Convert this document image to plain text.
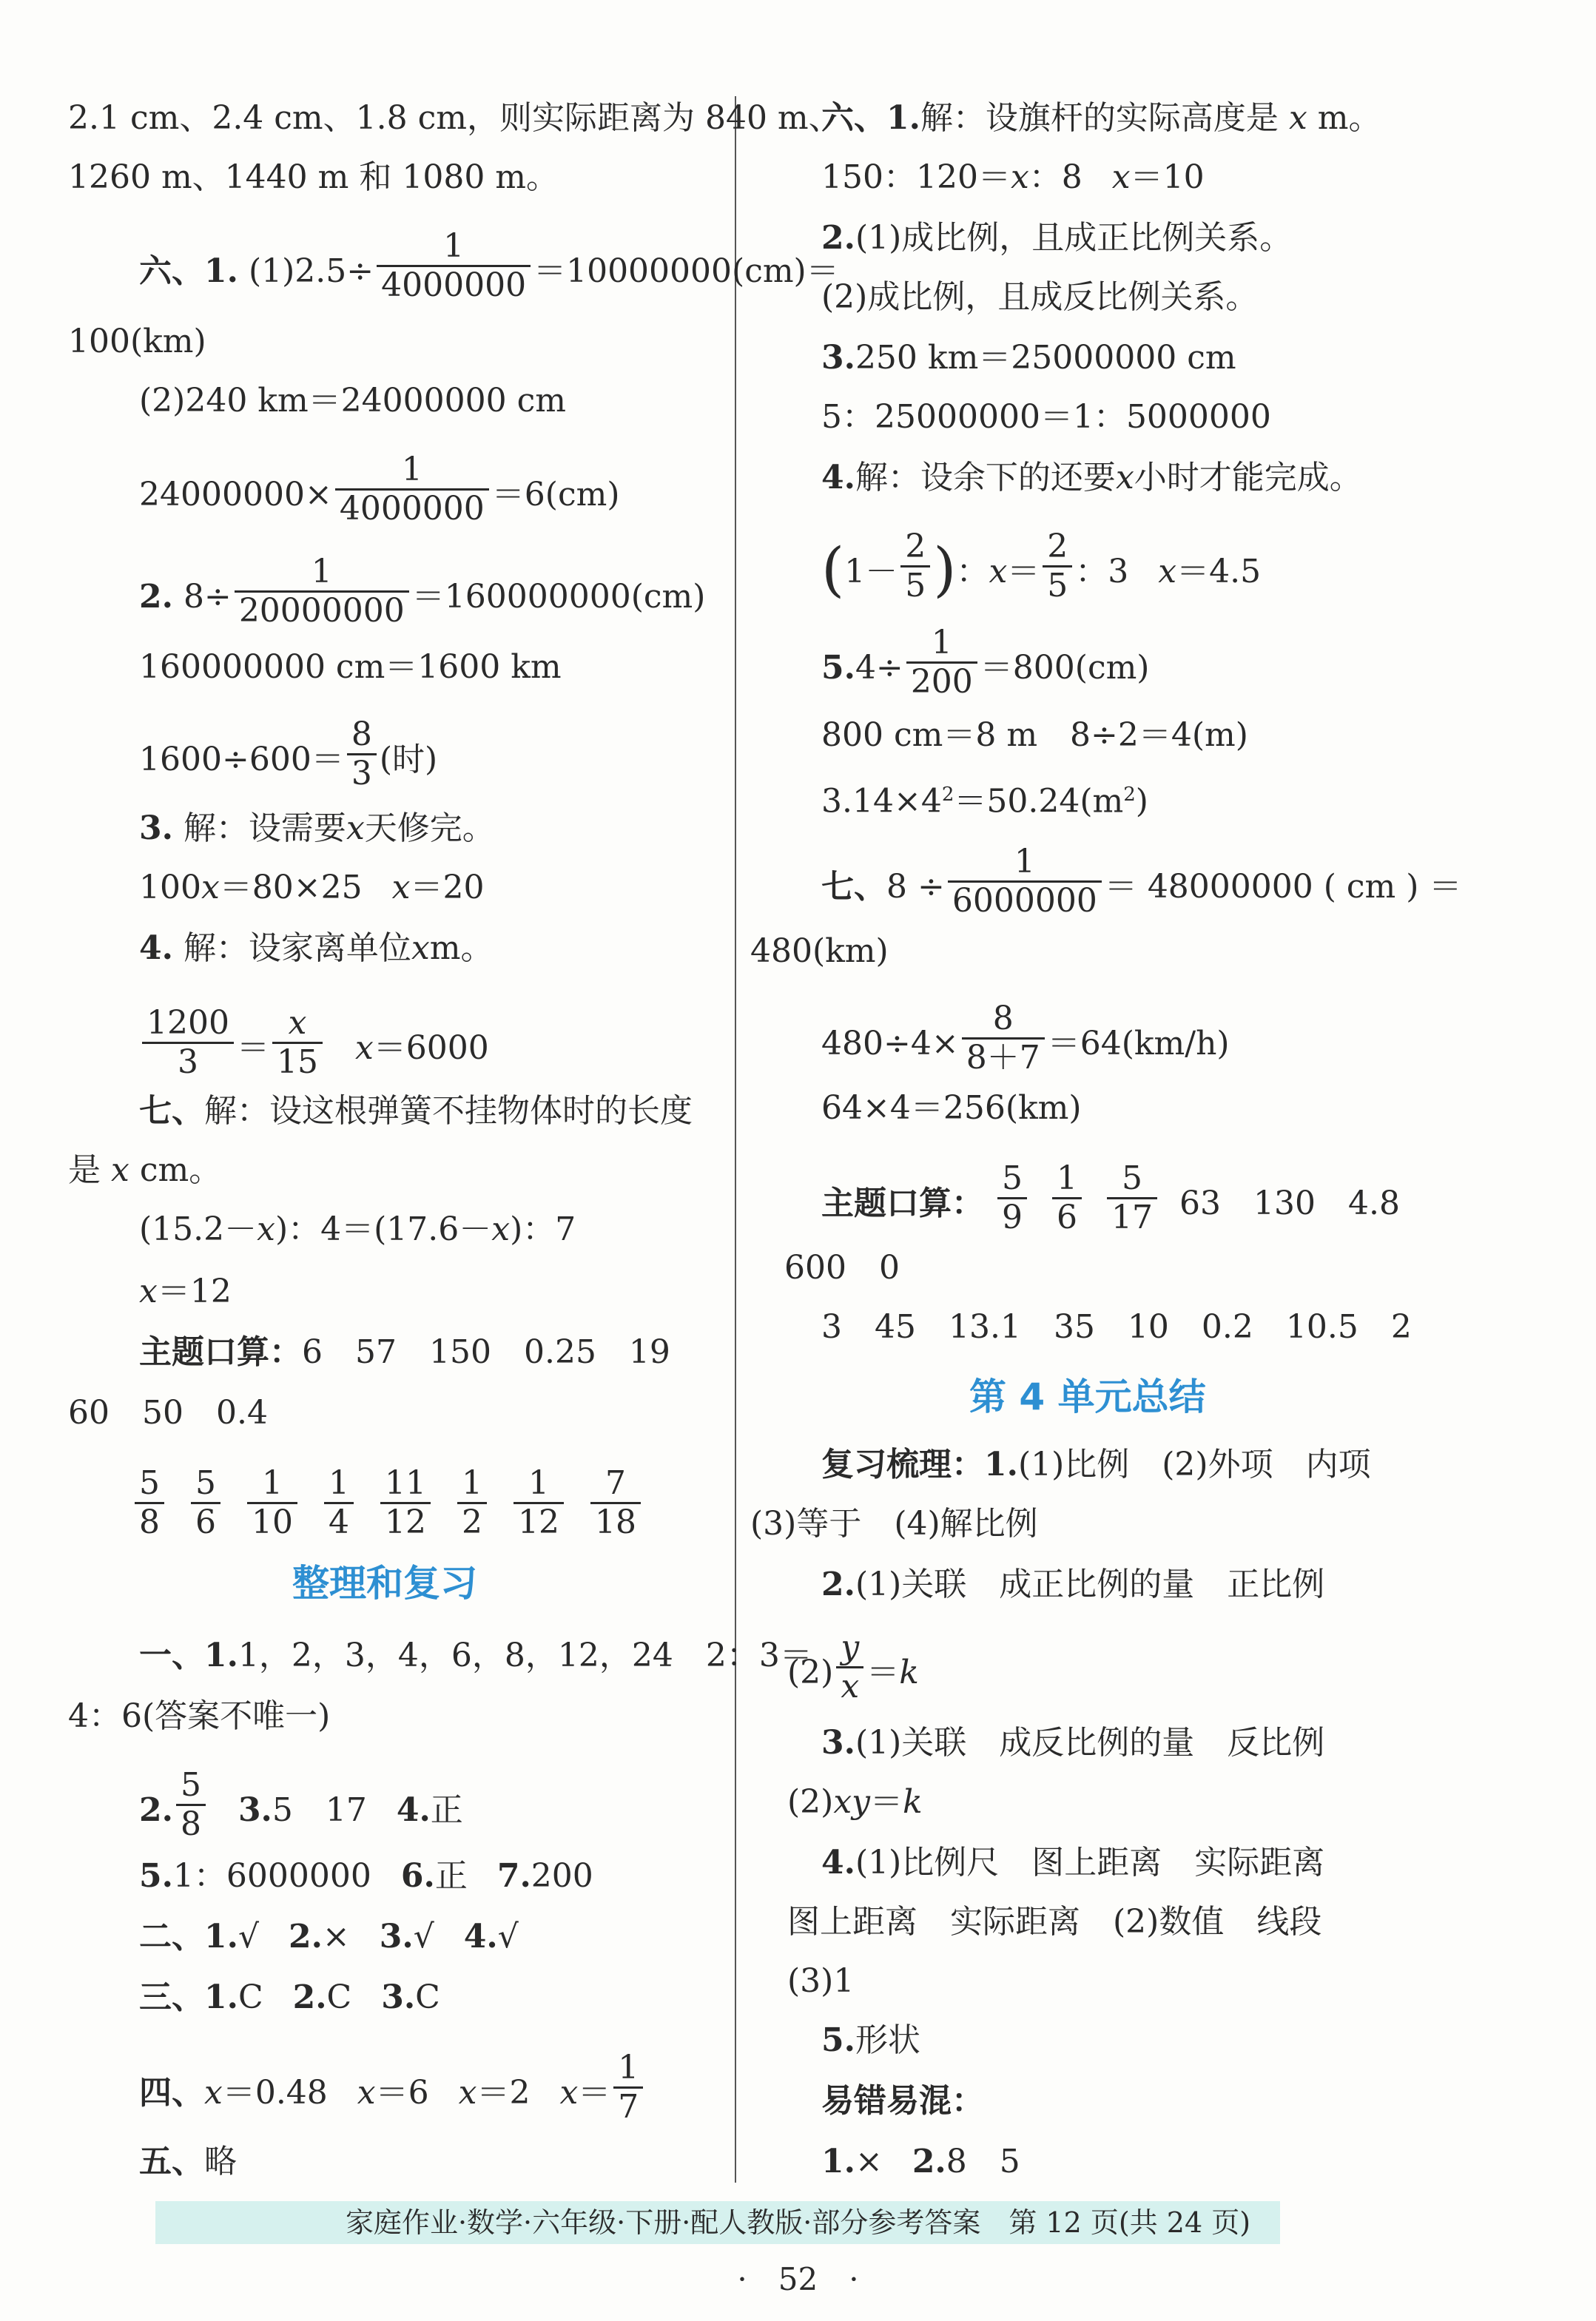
2.1 cm、2.4 cm、1.8 cm，则实际距离为 840 m、
1260 m、1440 m 和 1080 m。
六、1. $(1)2.5\div \frac{1}{4000000} =10000000(cm)=$
100(km)
(2)240 km＝24000000 cm
$24000000\times \frac{1}{4000000} =6(cm)$
2. $8\div \frac{1}{20000000} =160000000(cm)$
160000000 cm＝1600 km
$1600\div 600= \frac{8}{3}$ (时)
3. 解：设需要x天修完。
100x＝80×25 x＝20
4. 解：设家离单位xm。
$\frac{1200}{3} = \frac{x}{15} x=6000$
七、解：设这根弹簧不挂物体时的长度
是 x cm。
(15.2－x)：4＝(17.6－x)：7
x＝12
主题口算：6　57　150　0.25　19
60　50　0.4
$\frac{5}{8} \frac{5}{6} \frac{1}{10} \frac{1}{4} \frac{11}{12} \frac{1}{2} \frac{1}{12} \frac{7}{18}$
整理和复习
一、1.1，2，3，4，6，8，12，24　2：3＝
4：6(答案不唯一)
2. $\frac{5}{8} 3.5$　17 4.正
5.1：6000000 6.正 7.200
二、1.√ 2.× 3.√ 4.√
三、1.C 2.C 3.C
四、x＝0.48 x＝6 x＝2 $x= \frac{1}{7}$
五、略
六、1.解：设旗杆的实际高度是 x m。
150：120＝x：8 x＝10
2.(1)成比例，且成正比例关系。
(2)成比例，且成反比例关系。
3.250 km＝25000000 cm
5：25000000＝1：5000000
4.解：设余下的还要x小时才能完成。
($1- \frac{2}{5}$ )：$x= \frac{2}{5}$ ：3 x＝4.5
$5.4\div \frac{1}{200} =800(cm)$
800 cm＝8 m　8÷2＝4(m)
$3.14\times 4^2=50.24(m^2)$
七、$8 \div \frac{1}{6000000} = 48000000$ ( cm ) ＝
480(km)
$480\div 4\times \frac{8}{8+7} =64(km/h)$
64×4＝256(km)
主题口算： $\frac{5}{9} \frac{1}{6} \frac{5}{17} 63$　130　4.8
600　0
3　45　13.1　35　10　0.2　10.5　2
第 4 单元总结
复习梳理：1.(1)比例　(2)外项　内项
(3)等于　(4)解比例
2.(1)关联　成正比例的量　正比例
$(2) \frac{y}{x} =k$
3.(1)关联　成反比例的量　反比例
(2)xy＝k
4.(1)比例尺　图上距离　实际距离
图上距离　实际距离　(2)数值　线段
(3)1
5.形状
易错易混：
1.× 2.8　5
家庭作业·数学·六年级·下册·配人教版·部分参考答案　第 12 页(共 24 页)
·　52　·
